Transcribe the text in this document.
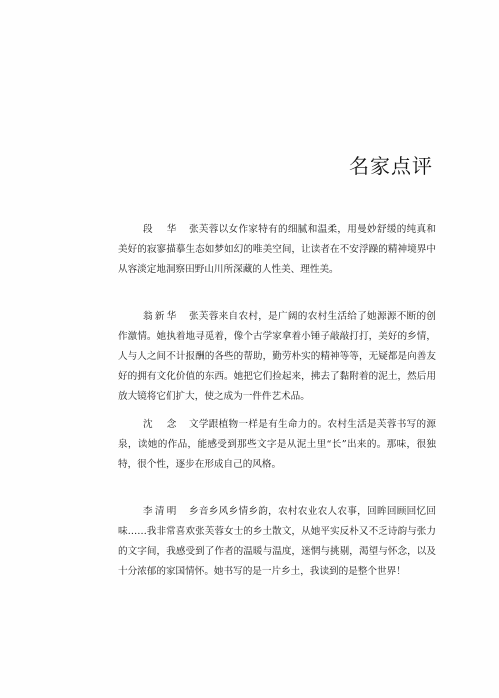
名家点评
段　华 张芙蓉以女作家特有的细腻和温柔，用曼妙舒缓的纯真和美好的寂寥描摹生态如梦如幻的唯美空间，让读者在不安浮躁的精神境界中从容淡定地洞察田野山川所深藏的人性美、理性美。
翁新华 张芙蓉来自农村，是广阔的农村生活给了她源源不断的创作激情。她执着地寻觅着，像个古学家拿着小锤子敲敲打打，美好的乡情，人与人之间不计报酬的各些的帮助，勤劳朴实的精神等等，无疑都是向善友好的拥有文化价值的东西。她把它们捡起来，拂去了黏附着的泥土，然后用放大镜将它们扩大，使之成为一件件艺术品。
沈　念 文学跟植物一样是有生命力的。农村生活是芙蓉书写的源泉，读她的作品，能感受到那些文字是从泥土里“长”出来的。那味，很独特，很个性，逐步在形成自己的风格。
李清明 乡音乡风乡情乡韵，农村农业农人农事，回眸回顾回忆回味……我非常喜欢张芙蓉女士的乡土散文，从她平实反朴又不乏诗韵与张力的文字间，我感受到了作者的温暖与温度，迷惘与挑剔，渴望与怀念，以及十分浓郁的家国情怀。她书写的是一片乡土，我读到的是整个世界！
